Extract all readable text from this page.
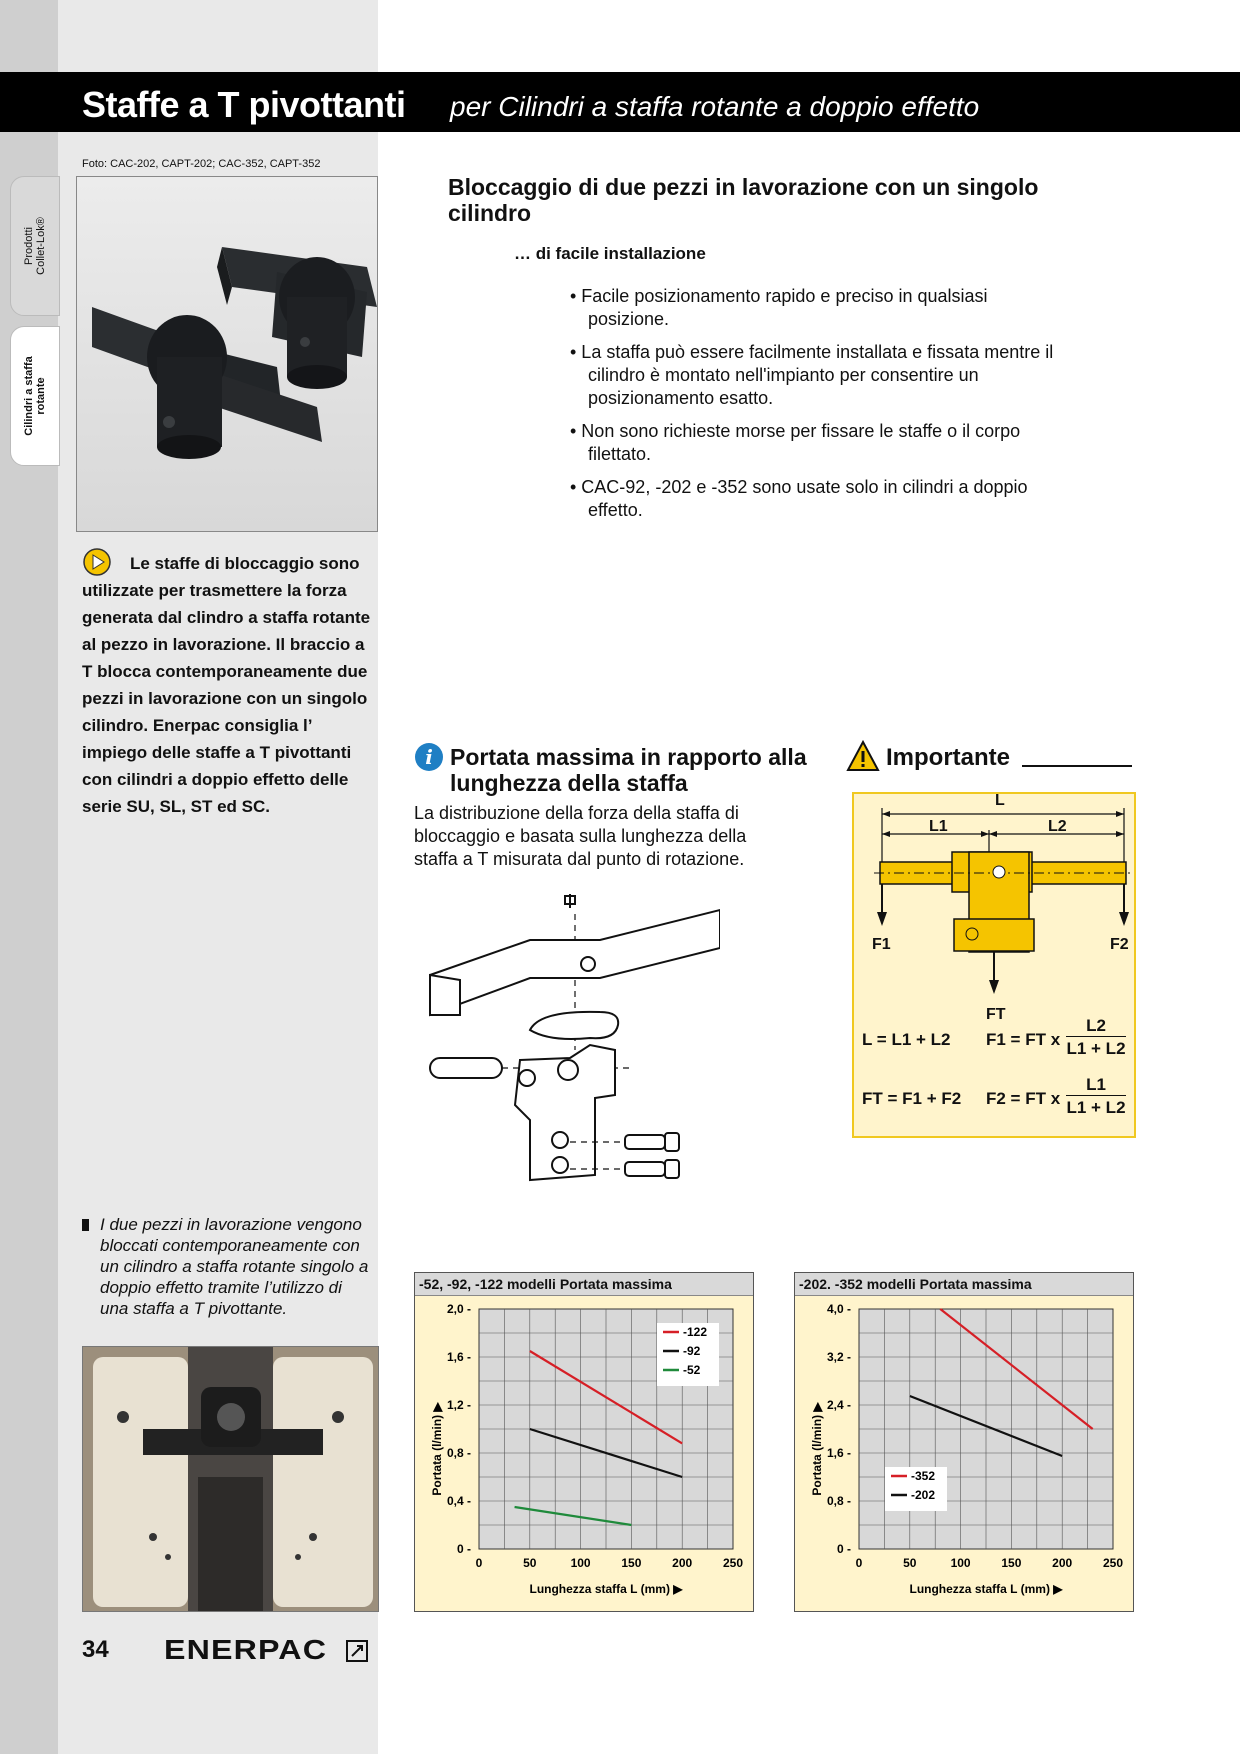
Prodotti
Collet-Lok®
Cilindri a staffa
rotante
Staffe a T pivottanti per Cilindri a staffa rotante a doppio effetto
Foto: CAC-202, CAPT-202; CAC-352, CAPT-352
Bloccaggio di due pezzi in lavorazione con un singolo cilindro
… di facile installazione
• Facile posizionamento rapido e preciso in qualsiasi posizione.
• La staffa può essere facilmente installata e fissata mentre il cilindro è montato nell'impianto per consentire un posizionamento esatto.
• Non sono richieste morse per fissare le staffe o il corpo filettato.
• CAC-92, -202 e -352 sono usate solo in cilindri a doppio effetto.
Le staffe di bloccaggio sono utilizzate per trasmettere la forza generata dal clindro a staffa rotante al pezzo in lavorazione. Il braccio a T blocca contemporaneamente due pezzi in lavorazione con un singolo cilindro. Enerpac consiglia l’ impiego delle staffe a T pivottanti con cilindri a doppio effetto delle serie SU, SL, ST ed SC.
i Portata massima in rapporto alla lunghezza della staffa
La distribuzione della forza della staffa di bloccaggio e basata sulla lunghezza della staffa a T misurata dal punto di rotazione.
Importante
L
L1	L2
F1	F2
FT
L = L1 + L2 F1 = FT x
L2
L1 + L2
FT = F1 + F2 F2 = FT x
L1
L1 + L2
I due pezzi in lavorazione vengono bloccati contemporaneamente con un cilindro a staffa rotante singolo a doppio effetto tramite l’utilizzo di una staffa a T pivottante.
34 ENERPAC
-52, -92, -122 modelli Portata massima
0	50	100	150	200	250
0 -
0,4 -
0,8 -
1,2 -
1,6 -
2,0 -
Lunghezza staffa L (mm) ▶
Portata (l/min) ▶
-122
-92
-52
-202. -352 modelli Portata massima
0	50	100	150	200	250
0 -
0,8 -
1,6 -
2,4 -
3,2 -
4,0 -
Lunghezza staffa L (mm) ▶
Portata (l/min) ▶	-352
-202
